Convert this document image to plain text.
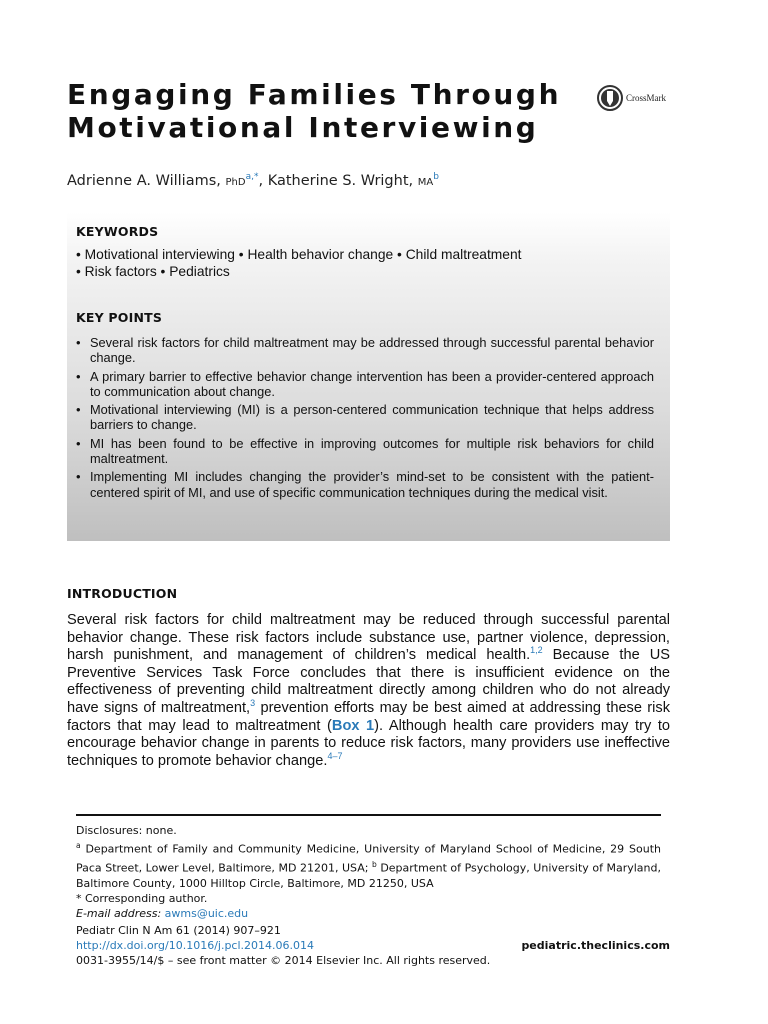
Engaging Families Through
Motivational Interviewing
CrossMark
Adrienne A. Williams, PhD$^{a,*}$, Katherine S. Wright, $MA^b$
KEYWORDS
• Motivational interviewing • Health behavior change • Child maltreatment
• Risk factors • Pediatrics
KEY POINTS
• Several risk factors for child maltreatment may be addressed through successful parental behavior change.
• A primary barrier to effective behavior change intervention has been a provider-centered approach to communication about change.
• Motivational interviewing (MI) is a person-centered communication technique that helps address barriers to change.
• MI has been found to be effective in improving outcomes for multiple risk behaviors for child maltreatment.
• Implementing MI includes changing the provider’s mind-set to be consistent with the patient-centered spirit of MI, and use of specific communication techniques during the medical visit.
INTRODUCTION
Several risk factors for child maltreatment may be reduced through successful parental behavior change. These risk factors include substance use, partner violence, depression, harsh punishment, and management of children’s medical health.$^{1,2}$ Because the US Preventive Services Task Force concludes that there is insufficient evidence on the effectiveness of preventing child maltreatment directly among children who do not already have signs of maltreatment,$^3$ prevention efforts may be best aimed at addressing these risk factors that may lead to maltreatment (Box 1). Although health care providers may try to encourage behavior change in parents to reduce risk factors, many providers use ineffective techniques to promote behavior change.$^{4-7}$

Disclosures: none.

$^a$ Department of Family and Community Medicine, University of Maryland School of Medicine, 29 South Paca Street, Lower Level, Baltimore, MD 21201, USA; $^b$ Department of Psychology, University of Maryland, Baltimore County, 1000 Hilltop Circle, Baltimore, MD 21250, USA

* Corresponding author.

E-mail address: awms@uic.edu

Pediatr Clin N Am 61 (2014) 907–921
http://dx.doi.org/10.1016/j.pcl.2014.06.014	pediatric.theclinics.com
0031-3955/14/$ – see front matter © 2014 Elsevier Inc. All rights reserved.
